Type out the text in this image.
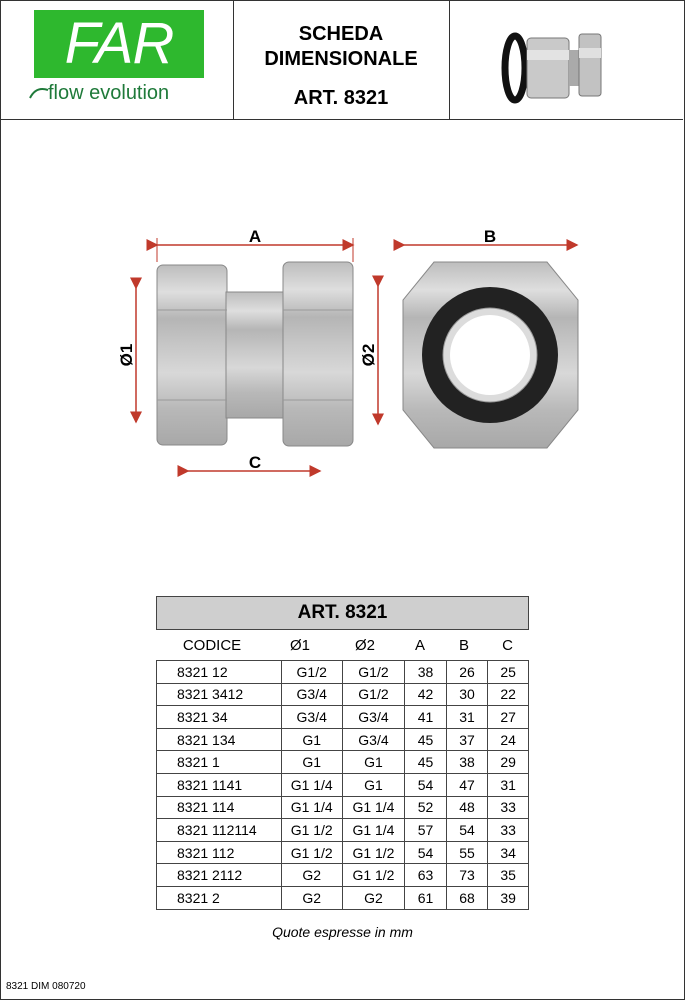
FAR
flow evolution
SCHEDA
DIMENSIONALE
ART. 8321
A	B
C
Ø1	Ø2
ART. 8321
CODICE	Ø1	Ø2	A	B	C
8321 12	G1/2	G1/2	38	26	25
8321 3412	G3/4	G1/2	42	30	22
8321 34	G3/4	G3/4	41	31	27
8321 134	G1	G3/4	45	37	24
8321 1	G1	G1	45	38	29
8321 1141	G1 1/4	G1	54	47	31
8321 114	G1 1/4	G1 1/4	52	48	33
8321 112114	G1 1/2	G1 1/4	57	54	33
8321 112	G1 1/2	G1 1/2	54	55	34
8321 2112	G2	G1 1/2	63	73	35
8321 2	G2	G2	61	68	39
Quote espresse in mm
8321 DIM 080720
